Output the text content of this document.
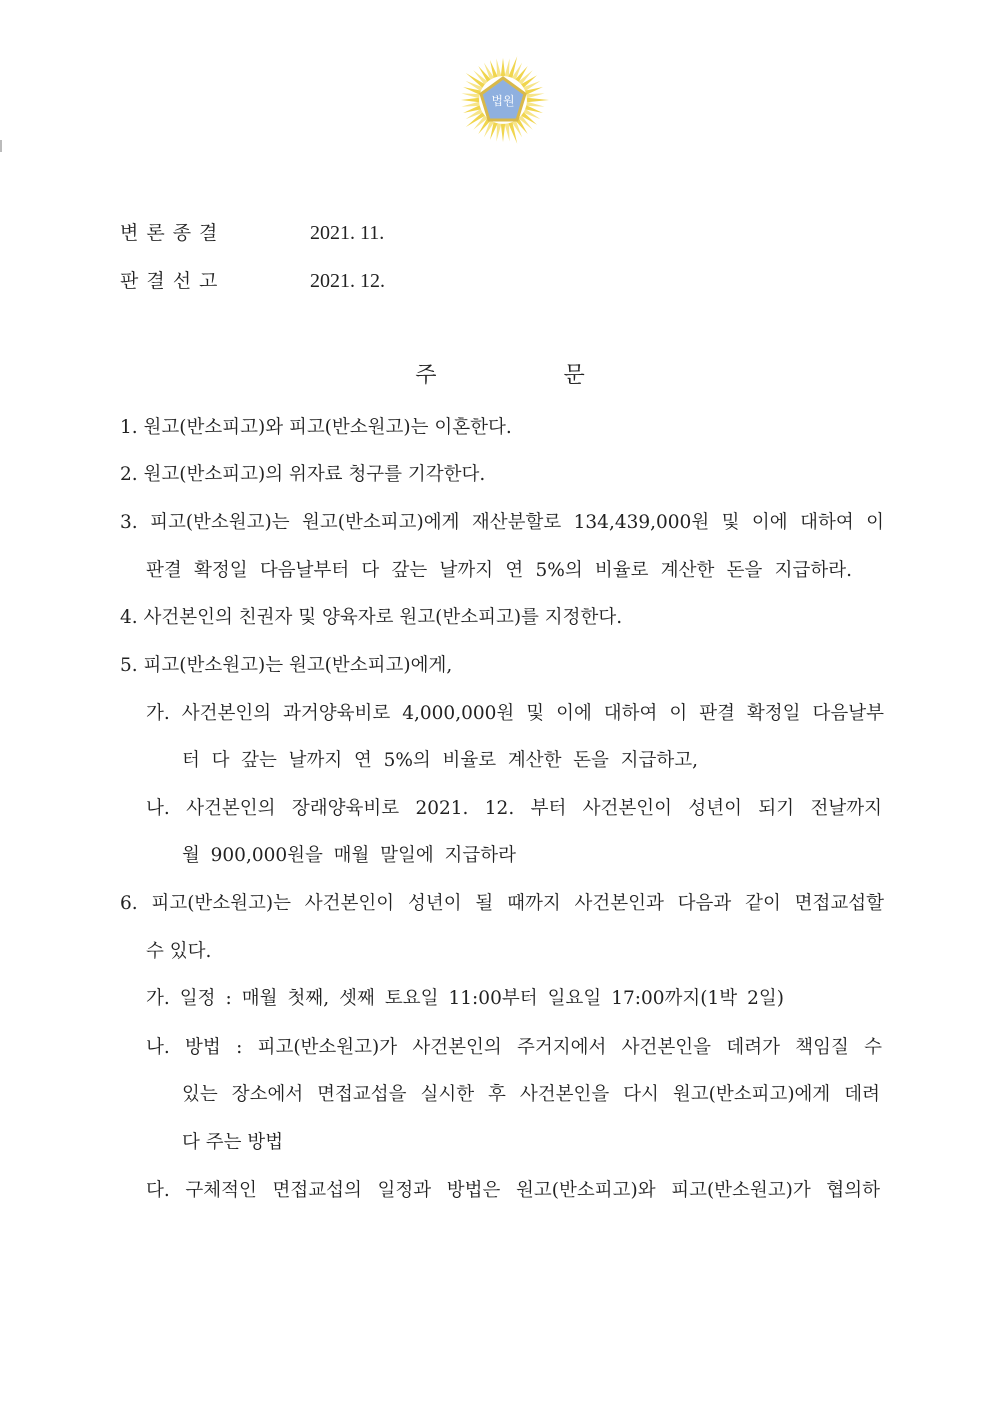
법원
변론종결	2021. 11.
판결선고	2021. 12.
주 문
1. 원고(반소피고)와 피고(반소원고)는 이혼한다.
2. 원고(반소피고)의 위자료 청구를 기각한다.
3. 피고(반소원고)는 원고(반소피고)에게 재산분할로 134,439,000원 및 이에 대하여 이
판결 확정일 다음날부터 다 갚는 날까지 연 5%의 비율로 계산한 돈을 지급하라.
4. 사건본인의 친권자 및 양육자로 원고(반소피고)를 지정한다.
5. 피고(반소원고)는 원고(반소피고)에게,
가. 사건본인의 과거양육비로 4,000,000원 및 이에 대하여 이 판결 확정일 다음날부
터 다 갚는 날까지 연 5%의 비율로 계산한 돈을 지급하고,
나. 사건본인의 장래양육비로 2021. 12. 부터 사건본인이 성년이 되기 전날까지
월 900,000원을 매월 말일에 지급하라
6. 피고(반소원고)는 사건본인이 성년이 될 때까지 사건본인과 다음과 같이 면접교섭할
수 있다.
가. 일정 : 매월 첫째, 셋째 토요일 11:00부터 일요일 17:00까지(1박 2일)
나. 방법 : 피고(반소원고)가 사건본인의 주거지에서 사건본인을 데려가 책임질 수
있는 장소에서 면접교섭을 실시한 후 사건본인을 다시 원고(반소피고)에게 데려
다 주는 방법
다. 구체적인 면접교섭의 일정과 방법은 원고(반소피고)와 피고(반소원고)가 협의하
